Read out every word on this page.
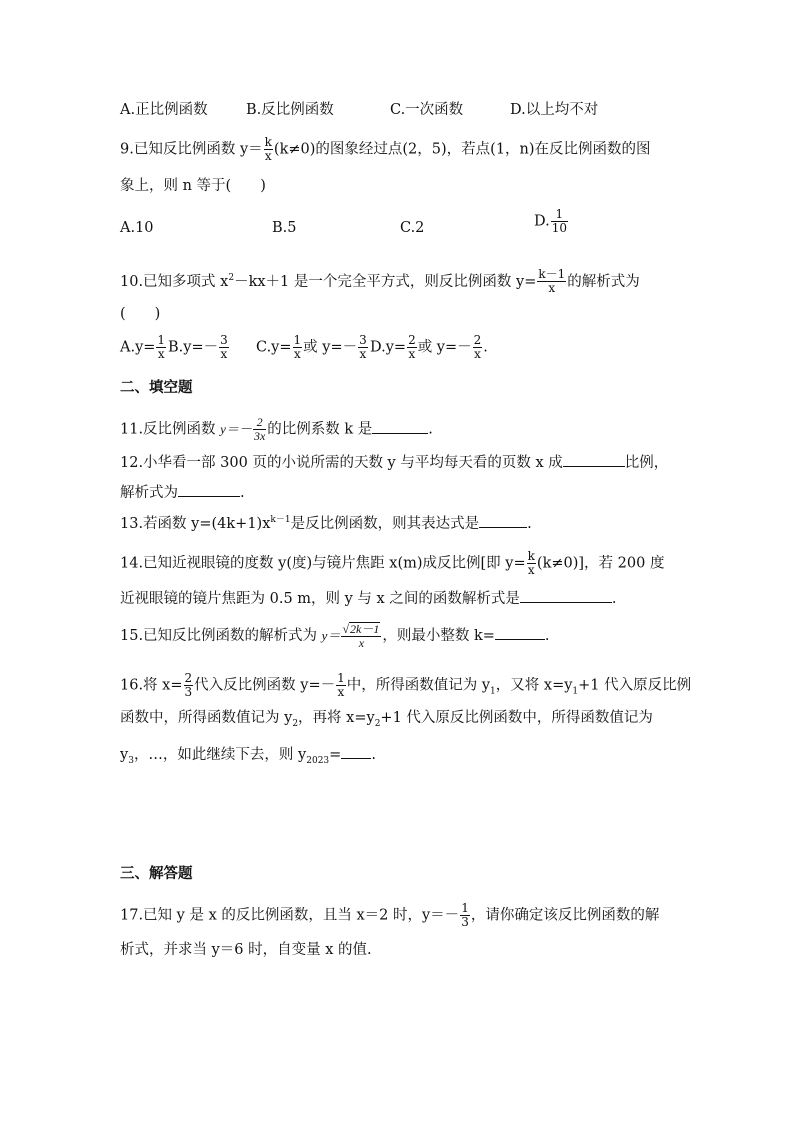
A.正比例函数	B.反比例函数	C.一次函数	D.以上均不对
9.已知反比例函数 $y= \frac{k}{x} (k\ne 0)$的图象经过点(2，5)，若点(1，n)在反比例函数的图
象上，则 n 等于(　　)
A.10	B.5	C.2	D. $\frac{1}{10}$
10.已知多项式 $x^2-kx+1$ 是一个完全平方式，则反比例函数 $y= \frac{k-1}{x}$ 的解析式为
(　　)
$A.y= \frac{1}{x} B.y=- \frac{3}{x} C.y= \frac{1}{x}$ 或 $y=- \frac{3}{x} D.y= \frac{2}{x}$ 或 $y=- \frac{2}{x}$ .
二、填空题
11.反比例函数 $y=- \frac{2}{3x}$ 的比例系数 k 是	.
12.小华看一部 300 页的小说所需的天数 y 与平均每天看的页数 x 成	比例，
解析式为	.
13.若函数 $y=(4k+1)x^{k-1}$是反比例函数，则其表达式是	.
14.已知近视眼镜的度数 y(度)与镜片焦距 x(m)成反比例[即 $y= \frac{k}{x} (k\ne 0)$]，若 200 度
近视眼镜的镜片焦距为 0.5 m，则 y 与 x 之间的函数解析式是	.
15.已知反比例函数的解析式为 $y= \frac{√2k-1}{x}$ ，则最小整数 k=	.
16.将 $x= \frac{2}{3}$ 代入反比例函数 $y=- \frac{1}{x}$ 中，所得函数值记为 $y_1$，又将 $x=y_1+1$ 代入原反比例
函数中，所得函数值记为 $y_2$，再将 $x=y_2+1$ 代入原反比例函数中，所得函数值记为
$y_3$，…，如此继续下去，则 $y_{2023}=$ .
三、解答题
17.已知 y 是 x 的反比例函数，且当 x＝2 时，$y=- \frac{1}{3}$ ，请你确定该反比例函数的解
析式，并求当 y＝6 时，自变量 x 的值.
